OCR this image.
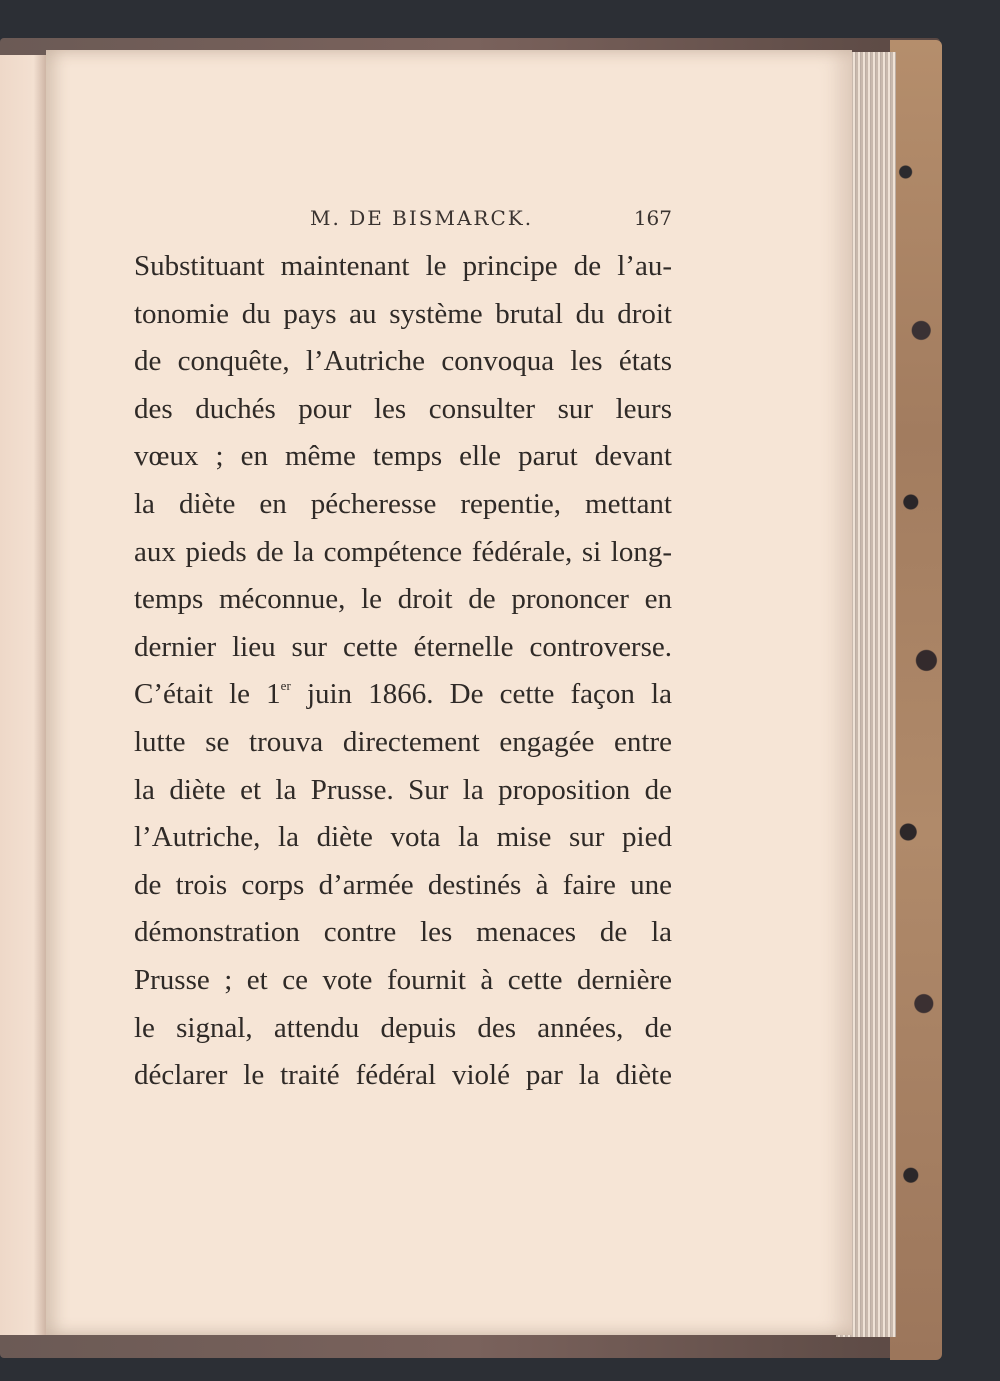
M. DE BISMARCK.	167
Substituant maintenant le principe de l’au-
tonomie du pays au système brutal du droit
de conquête, l’Autriche convoqua les états
des duchés pour les consulter sur leurs
vœux ; en même temps elle parut devant
la diète en pécheresse repentie, mettant
aux pieds de la compétence fédérale, si long-
temps méconnue, le droit de prononcer en
dernier lieu sur cette éternelle controverse.
C’était le 1er juin 1866. De cette façon la
lutte se trouva directement engagée entre
la diète et la Prusse. Sur la proposition de
l’Autriche, la diète vota la mise sur pied
de trois corps d’armée destinés à faire une
démonstration contre les menaces de la
Prusse ; et ce vote fournit à cette dernière
le signal, attendu depuis des années, de
déclarer le traité fédéral violé par la diète
